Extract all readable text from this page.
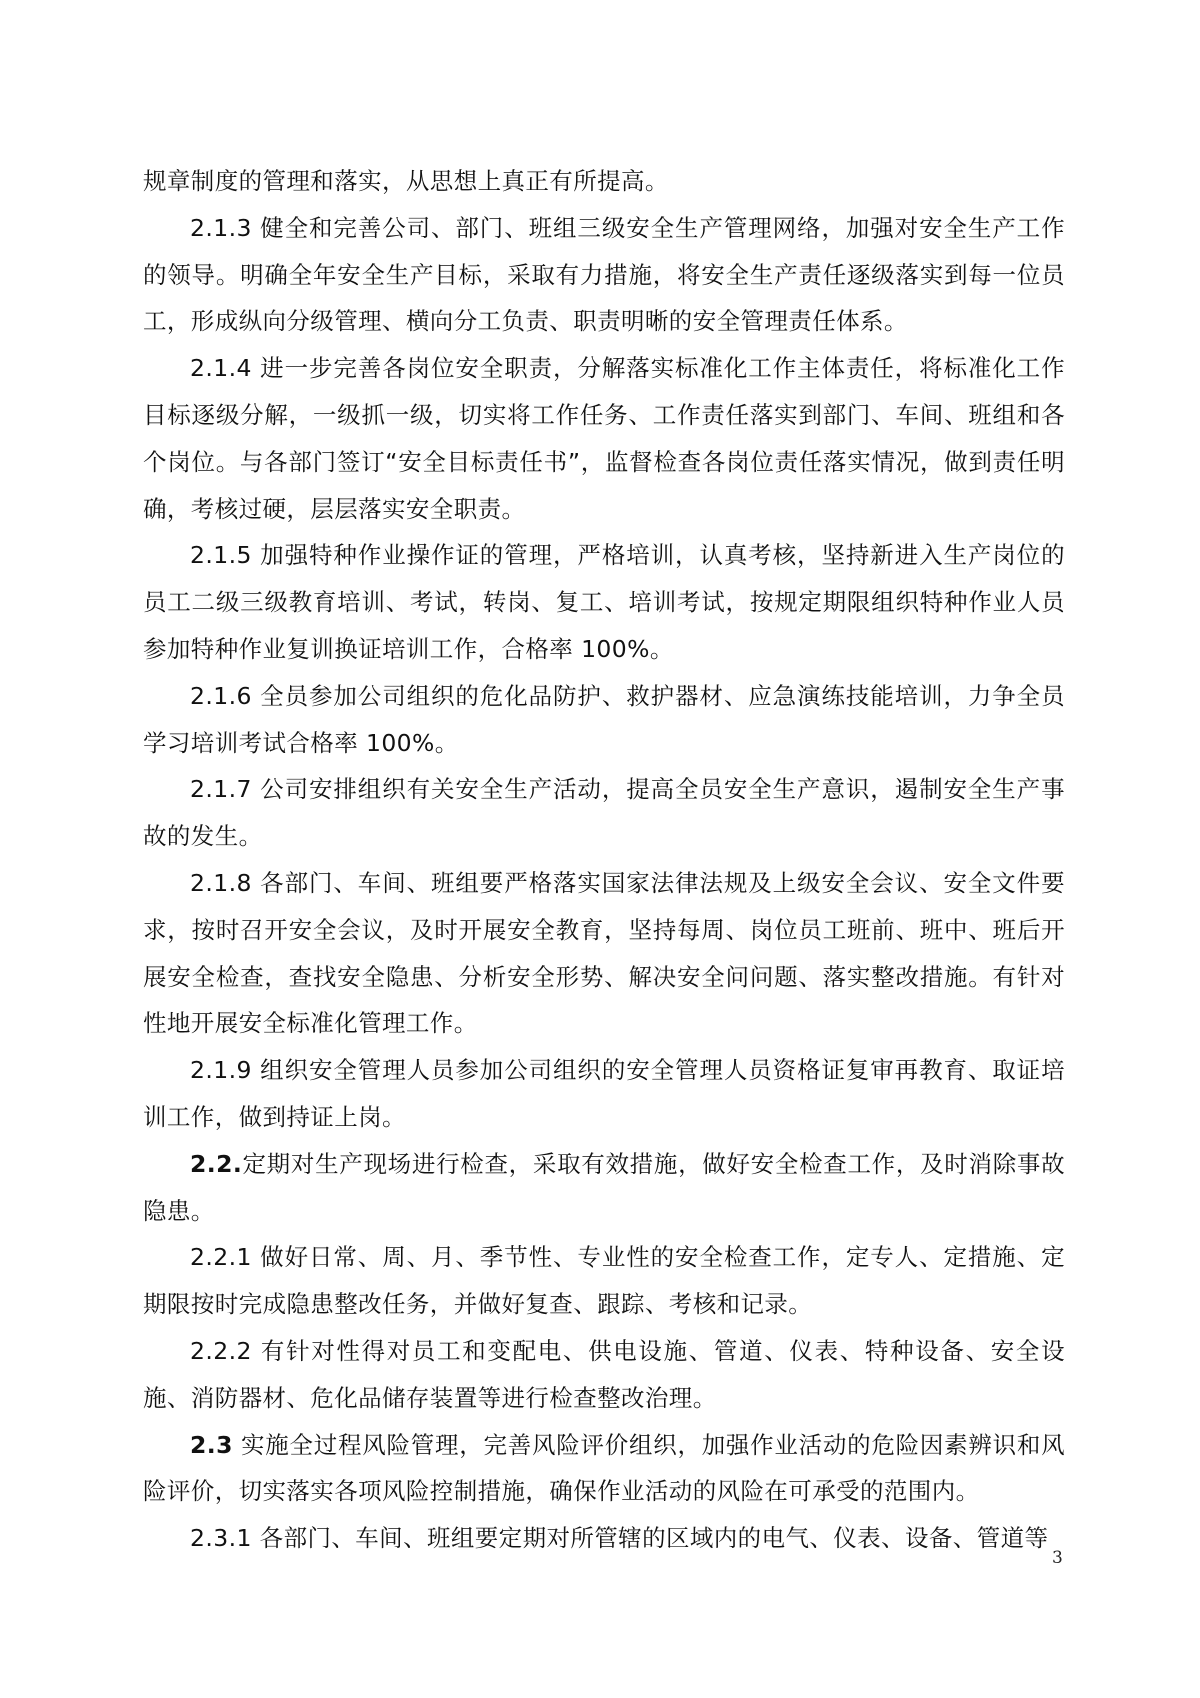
规章制度的管理和落实，从思想上真正有所提高。

2.1.3 健全和完善公司、部门、班组三级安全生产管理网络，加强对安全生产工作的领导。明确全年安全生产目标，采取有力措施，将安全生产责任逐级落实到每一位员工，形成纵向分级管理、横向分工负责、职责明晰的安全管理责任体系。

2.1.4 进一步完善各岗位安全职责，分解落实标准化工作主体责任，将标准化工作目标逐级分解，一级抓一级，切实将工作任务、工作责任落实到部门、车间、班组和各个岗位。与各部门签订“安全目标责任书”，监督检查各岗位责任落实情况，做到责任明确，考核过硬，层层落实安全职责。

2.1.5 加强特种作业操作证的管理，严格培训，认真考核，坚持新进入生产岗位的员工二级三级教育培训、考试，转岗、复工、培训考试，按规定期限组织特种作业人员参加特种作业复训换证培训工作，合格率 100%。

2.1.6 全员参加公司组织的危化品防护、救护器材、应急演练技能培训，力争全员学习培训考试合格率 100%。

2.1.7 公司安排组织有关安全生产活动，提高全员安全生产意识，遏制安全生产事故的发生。

2.1.8 各部门、车间、班组要严格落实国家法律法规及上级安全会议、安全文件要求，按时召开安全会议，及时开展安全教育，坚持每周、岗位员工班前、班中、班后开展安全检查，查找安全隐患、分析安全形势、解决安全问问题、落实整改措施。有针对性地开展安全标准化管理工作。

2.1.9 组织安全管理人员参加公司组织的安全管理人员资格证复审再教育、取证培训工作，做到持证上岗。

2.2.定期对生产现场进行检查，采取有效措施，做好安全检查工作，及时消除事故隐患。

2.2.1 做好日常、周、月、季节性、专业性的安全检查工作，定专人、定措施、定期限按时完成隐患整改任务，并做好复查、跟踪、考核和记录。

2.2.2 有针对性得对员工和变配电、供电设施、管道、仪表、特种设备、安全设施、消防器材、危化品储存装置等进行检查整改治理。

2.3 实施全过程风险管理，完善风险评价组织，加强作业活动的危险因素辨识和风险评价，切实落实各项风险控制措施，确保作业活动的风险在可承受的范围内。

2.3.1 各部门、车间、班组要定期对所管辖的区域内的电气、仪表、设备、管道等

3
